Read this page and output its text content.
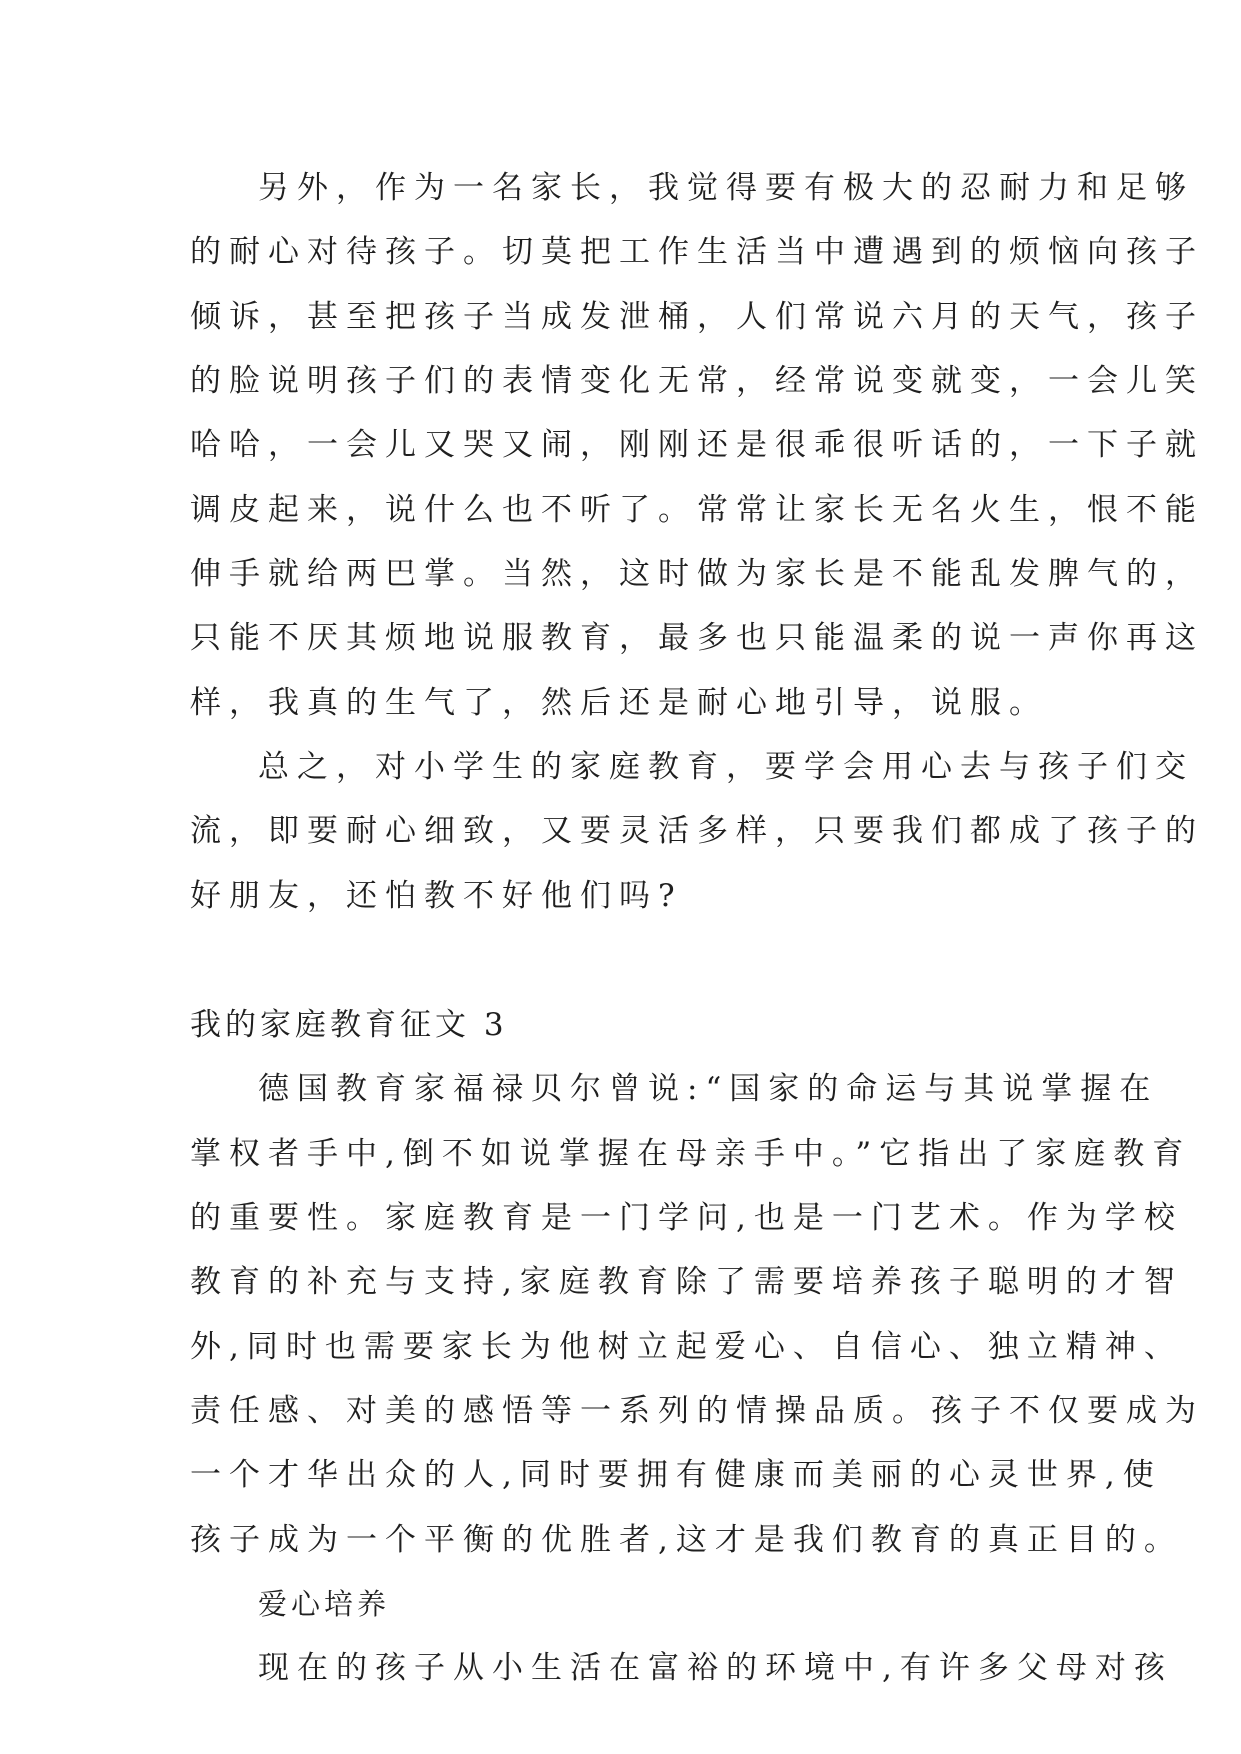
另外，作为一名家长，我觉得要有极大的忍耐力和足够
的耐心对待孩子。切莫把工作生活当中遭遇到的烦恼向孩子
倾诉，甚至把孩子当成发泄桶，人们常说六月的天气，孩子
的脸说明孩子们的表情变化无常，经常说变就变，一会儿笑
哈哈，一会儿又哭又闹，刚刚还是很乖很听话的，一下子就
调皮起来，说什么也不听了。常常让家长无名火生，恨不能
伸手就给两巴掌。当然，这时做为家长是不能乱发脾气的，
只能不厌其烦地说服教育，最多也只能温柔的说一声你再这
样，我真的生气了，然后还是耐心地引导，说服。
总之，对小学生的家庭教育，要学会用心去与孩子们交
流，即要耐心细致，又要灵活多样，只要我们都成了孩子的
好朋友，还怕教不好他们吗?
我的家庭教育征文 3
德国教育家福禄贝尔曾说:“国家的命运与其说掌握在
掌权者手中,倒不如说掌握在母亲手中。”它指出了家庭教育
的重要性。家庭教育是一门学问,也是一门艺术。作为学校
教育的补充与支持,家庭教育除了需要培养孩子聪明的才智
外,同时也需要家长为他树立起爱心、自信心、独立精神、
责任感、对美的感悟等一系列的情操品质。孩子不仅要成为
一个才华出众的人,同时要拥有健康而美丽的心灵世界,使
孩子成为一个平衡的优胜者,这才是我们教育的真正目的。
爱心培养
现在的孩子从小生活在富裕的环境中,有许多父母对孩
